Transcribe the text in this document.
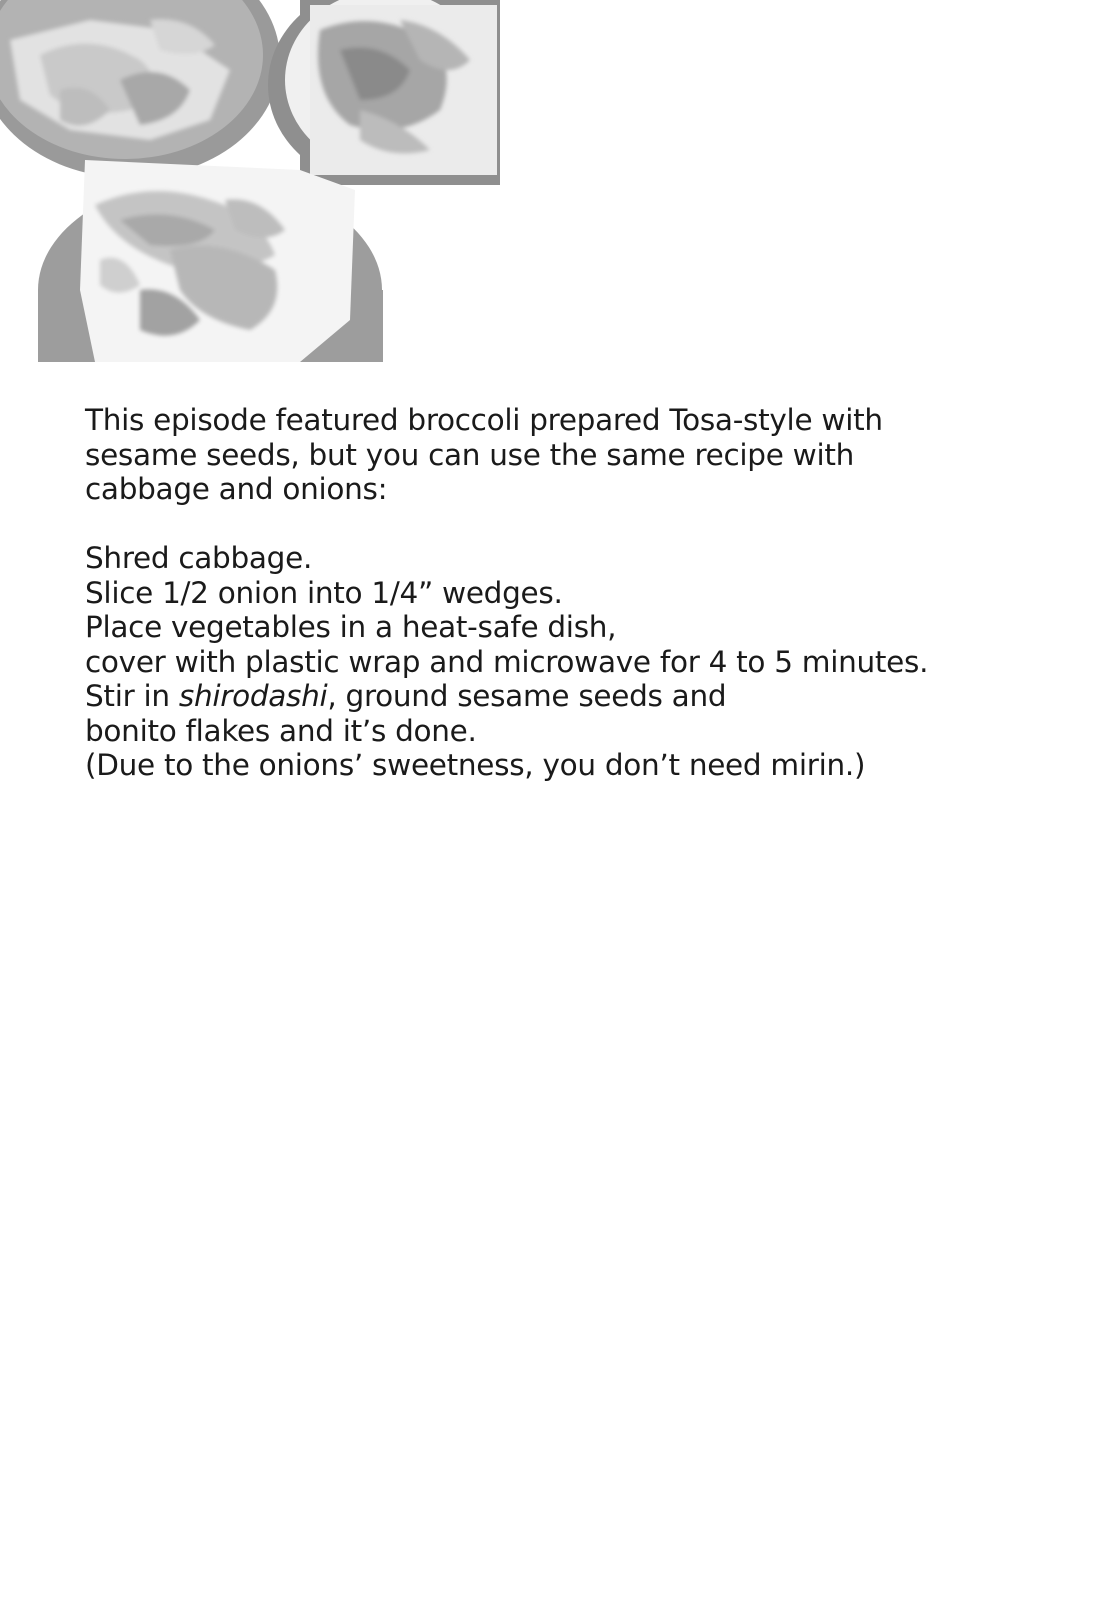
This episode featured broccoli prepared Tosa-style with
sesame seeds, but you can use the same recipe with
cabbage and onions:
Shred cabbage.
Slice 1/2 onion into 1/4” wedges.
Place vegetables in a heat-safe dish,
cover with plastic wrap and microwave for 4 to 5 minutes.
Stir in shirodashi, ground sesame seeds and
bonito flakes and it’s done.
(Due to the onions’ sweetness, you don’t need mirin.)
